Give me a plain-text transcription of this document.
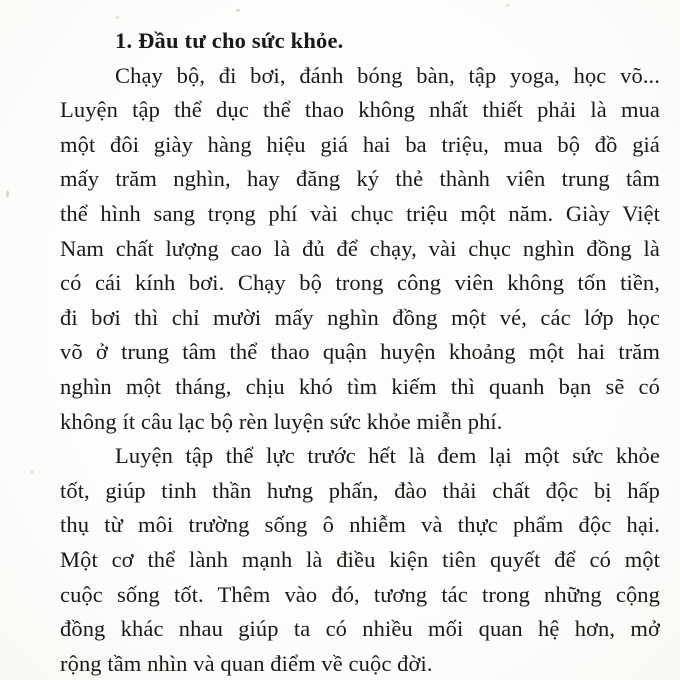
1. Đầu tư cho sức khỏe.
Chạy bộ, đi bơi, đánh bóng bàn, tập yoga, học võ...
Luyện tập thể dục thể thao không nhất thiết phải là mua
một đôi giày hàng hiệu giá hai ba triệu, mua bộ đồ giá
mấy trăm nghìn, hay đăng ký thẻ thành viên trung tâm
thể hình sang trọng phí vài chục triệu một năm. Giày Việt
Nam chất lượng cao là đủ để chạy, vài chục nghìn đồng là
có cái kính bơi. Chạy bộ trong công viên không tốn tiền,
đi bơi thì chỉ mười mấy nghìn đồng một vé, các lớp học
võ ở trung tâm thể thao quận huyện khoảng một hai trăm
nghìn một tháng, chịu khó tìm kiếm thì quanh bạn sẽ có
không ít câu lạc bộ rèn luyện sức khỏe miễn phí.
Luyện tập thể lực trước hết là đem lại một sức khỏe
tốt, giúp tinh thần hưng phấn, đào thải chất độc bị hấp
thụ từ môi trường sống ô nhiễm và thực phẩm độc hại.
Một cơ thể lành mạnh là điều kiện tiên quyết để có một
cuộc sống tốt. Thêm vào đó, tương tác trong những cộng
đồng khác nhau giúp ta có nhiều mối quan hệ hơn, mở
rộng tầm nhìn và quan điểm về cuộc đời.
